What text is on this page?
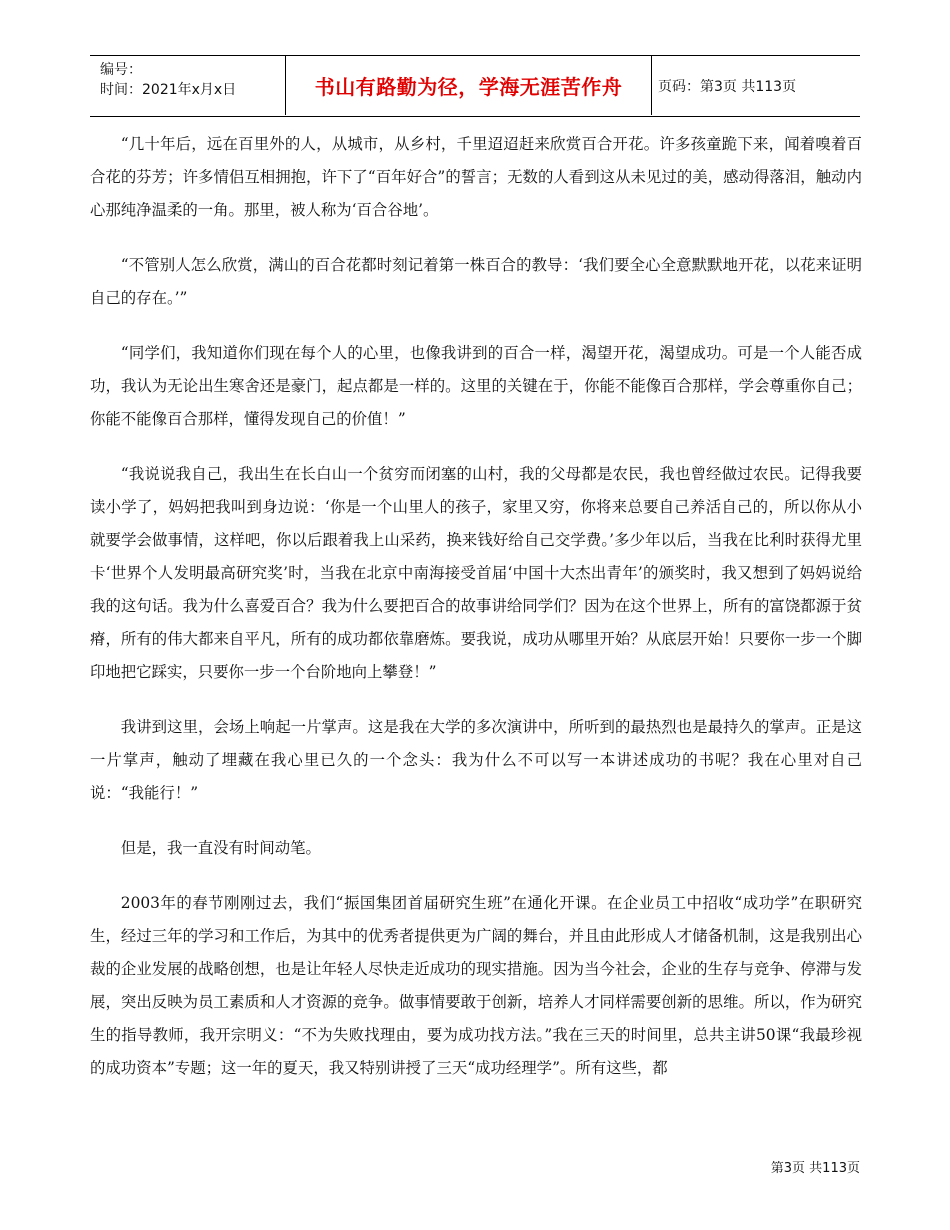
编号：
时间：2021年x月x日	书山有路勤为径，学海无涯苦作舟	页码：第3页 共113页

“几十年后，远在百里外的人，从城市，从乡村，千里迢迢赶来欣赏百合开花。许多孩童跪下来，闻着嗅着百合花的芬芳；许多情侣互相拥抱，许下了“百年好合”的誓言；无数的人看到这从未见过的美，感动得落泪，触动内心那纯净温柔的一角。那里，被人称为‘百合谷地’。

“不管别人怎么欣赏，满山的百合花都时刻记着第一株百合的教导：‘我们要全心全意默默地开花，以花来证明自己的存在。’”

“同学们，我知道你们现在每个人的心里，也像我讲到的百合一样，渴望开花，渴望成功。可是一个人能否成功，我认为无论出生寒舍还是豪门，起点都是一样的。这里的关键在于，你能不能像百合那样，学会尊重你自己；你能不能像百合那样，懂得发现自己的价值！”

“我说说我自己，我出生在长白山一个贫穷而闭塞的山村，我的父母都是农民，我也曾经做过农民。记得我要读小学了，妈妈把我叫到身边说：‘你是一个山里人的孩子，家里又穷，你将来总要自己养活自己的，所以你从小就要学会做事情，这样吧，你以后跟着我上山采药，换来钱好给自己交学费。’多少年以后，当我在比利时获得尤里卡‘世界个人发明最高研究奖’时，当我在北京中南海接受首届‘中国十大杰出青年’的颁奖时，我又想到了妈妈说给我的这句话。我为什么喜爱百合？我为什么要把百合的故事讲给同学们？因为在这个世界上，所有的富饶都源于贫瘠，所有的伟大都来自平凡，所有的成功都依靠磨炼。要我说，成功从哪里开始？从底层开始！只要你一步一个脚印地把它踩实，只要你一步一个台阶地向上攀登！”

我讲到这里，会场上响起一片掌声。这是我在大学的多次演讲中，所听到的最热烈也是最持久的掌声。正是这一片掌声，触动了埋藏在我心里已久的一个念头：我为什么不可以写一本讲述成功的书呢？我在心里对自己说：“我能行！”

但是，我一直没有时间动笔。

2003年的春节刚刚过去，我们“振国集团首届研究生班”在通化开课。在企业员工中招收“成功学”在职研究生，经过三年的学习和工作后，为其中的优秀者提供更为广阔的舞台，并且由此形成人才储备机制，这是我别出心裁的企业发展的战略创想，也是让年轻人尽快走近成功的现实措施。因为当今社会，企业的生存与竞争、停滞与发展，突出反映为员工素质和人才资源的竞争。做事情要敢于创新，培养人才同样需要创新的思维。所以，作为研究生的指导教师，我开宗明义：“不为失败找理由，要为成功找方法。”我在三天的时间里，总共主讲50课“我最珍视的成功资本”专题；这一年的夏天，我又特别讲授了三天“成功经理学”。所有这些，都

第3页 共113页
